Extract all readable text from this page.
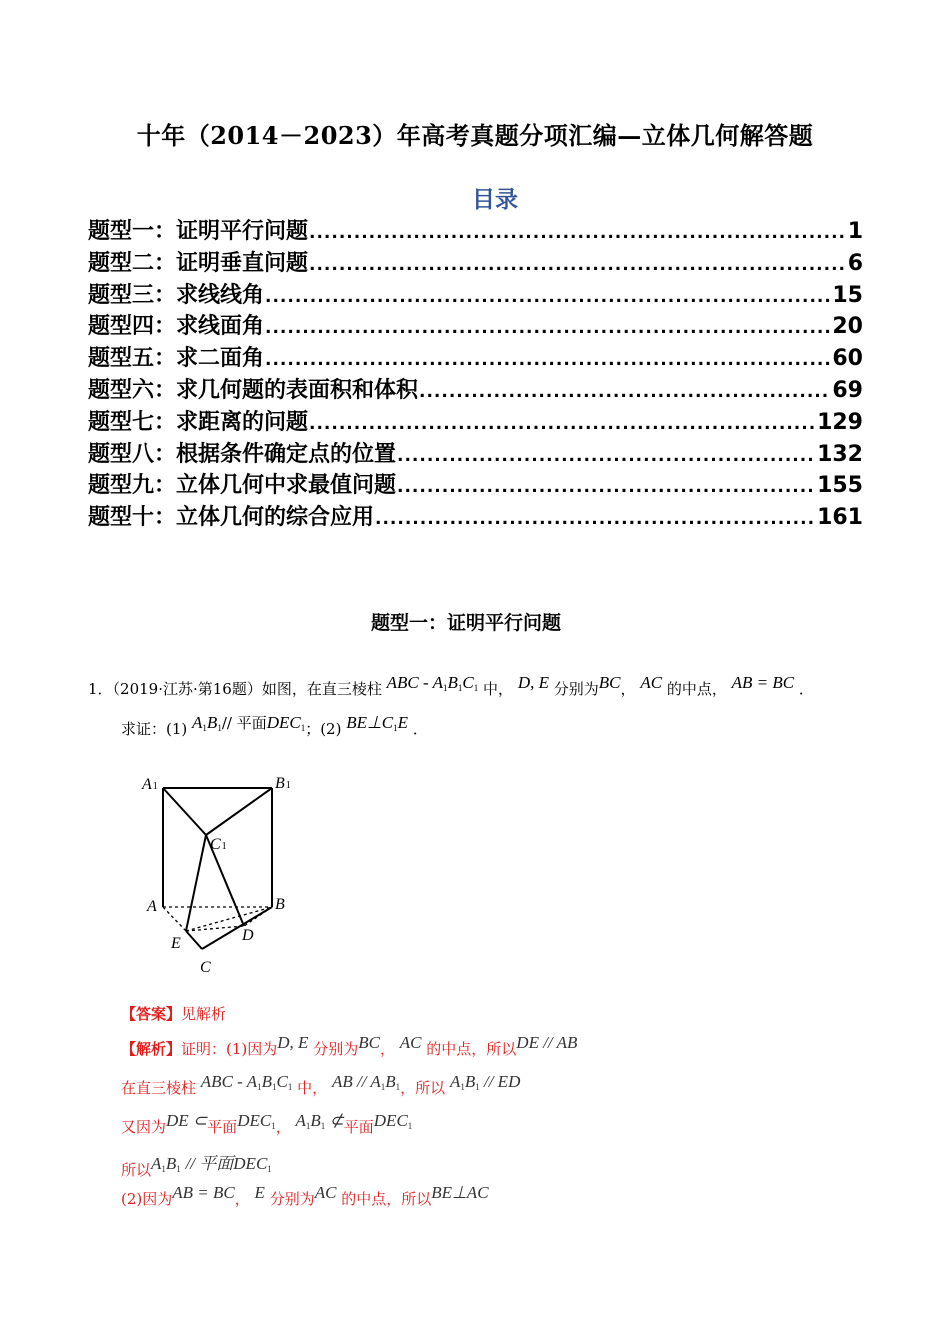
十年（2014－2023）年高考真题分项汇编—立体几何解答题
目录
题型一：证明平行问题 .....	1
题型二：证明垂直问题 .....	6
题型三：求线线角 .....	15
题型四：求线面角 .....	20
题型五：求二面角 .....	60
题型六：求几何题的表面积和体积 .....	69
题型七：求距离的问题 .....	129
题型八：根据条件确定点的位置 .....	132
题型九：立体几何中求最值问题 .....	155
题型十：立体几何的综合应用 .....	161
题型一：证明平行问题
1．（2019·江苏·第16题）如图，在直三棱柱 ABC - $A_1B_1C_1$ 中， D, E 分别为BC， AC 的中点， AB = BC ．
求证：(1) $A_1B_1//$ 平面$DEC_1$；(2) $BE\perp C_1E$ ．
A1	B1
C1
A	B
E	D
C
【答案】见解析
【解析】证明：(1)因为D, E 分别为BC， AC 的中点，所以DE // AB
在直三棱柱 ABC - $A_1B_1C_1$ 中， AB // $A_1B_1$，所以 $A_1B_1$ // ED
又因为DE ⊂平面$DEC_1$， $A_1B_1$ ⊄平面$DEC_1$
所以$A_1B_1$ // 平面$DEC_1$
(2)因为AB = BC， E 分别为AC 的中点，所以BE⊥AC
